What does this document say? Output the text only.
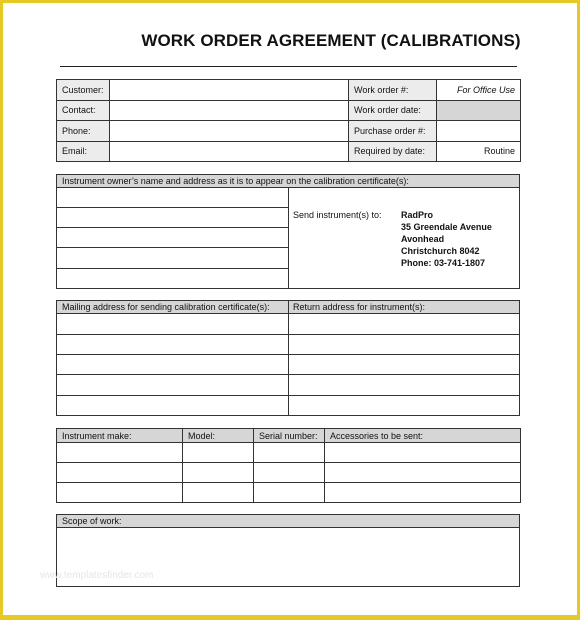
WORK ORDER AGREEMENT (CALIBRATIONS)
Customer:		Work order #:	For Office Use
Contact:		Work order date:	
Phone:		Purchase order #:	
Email:		Required by date:	Routine
Instrument owner’s name and address as it is to appear on the calibration certificate(s):
Send instrument(s) to: RadPro
35 Greendale Avenue
Avonhead
Christchurch 8042
Phone: 03-741-1807
Mailing address for sending calibration certificate(s):	Return address for instrument(s):
Instrument make:	Model:	Serial number:	Accessories to be sent:

Scope of work:
www.templatesfinder.com
